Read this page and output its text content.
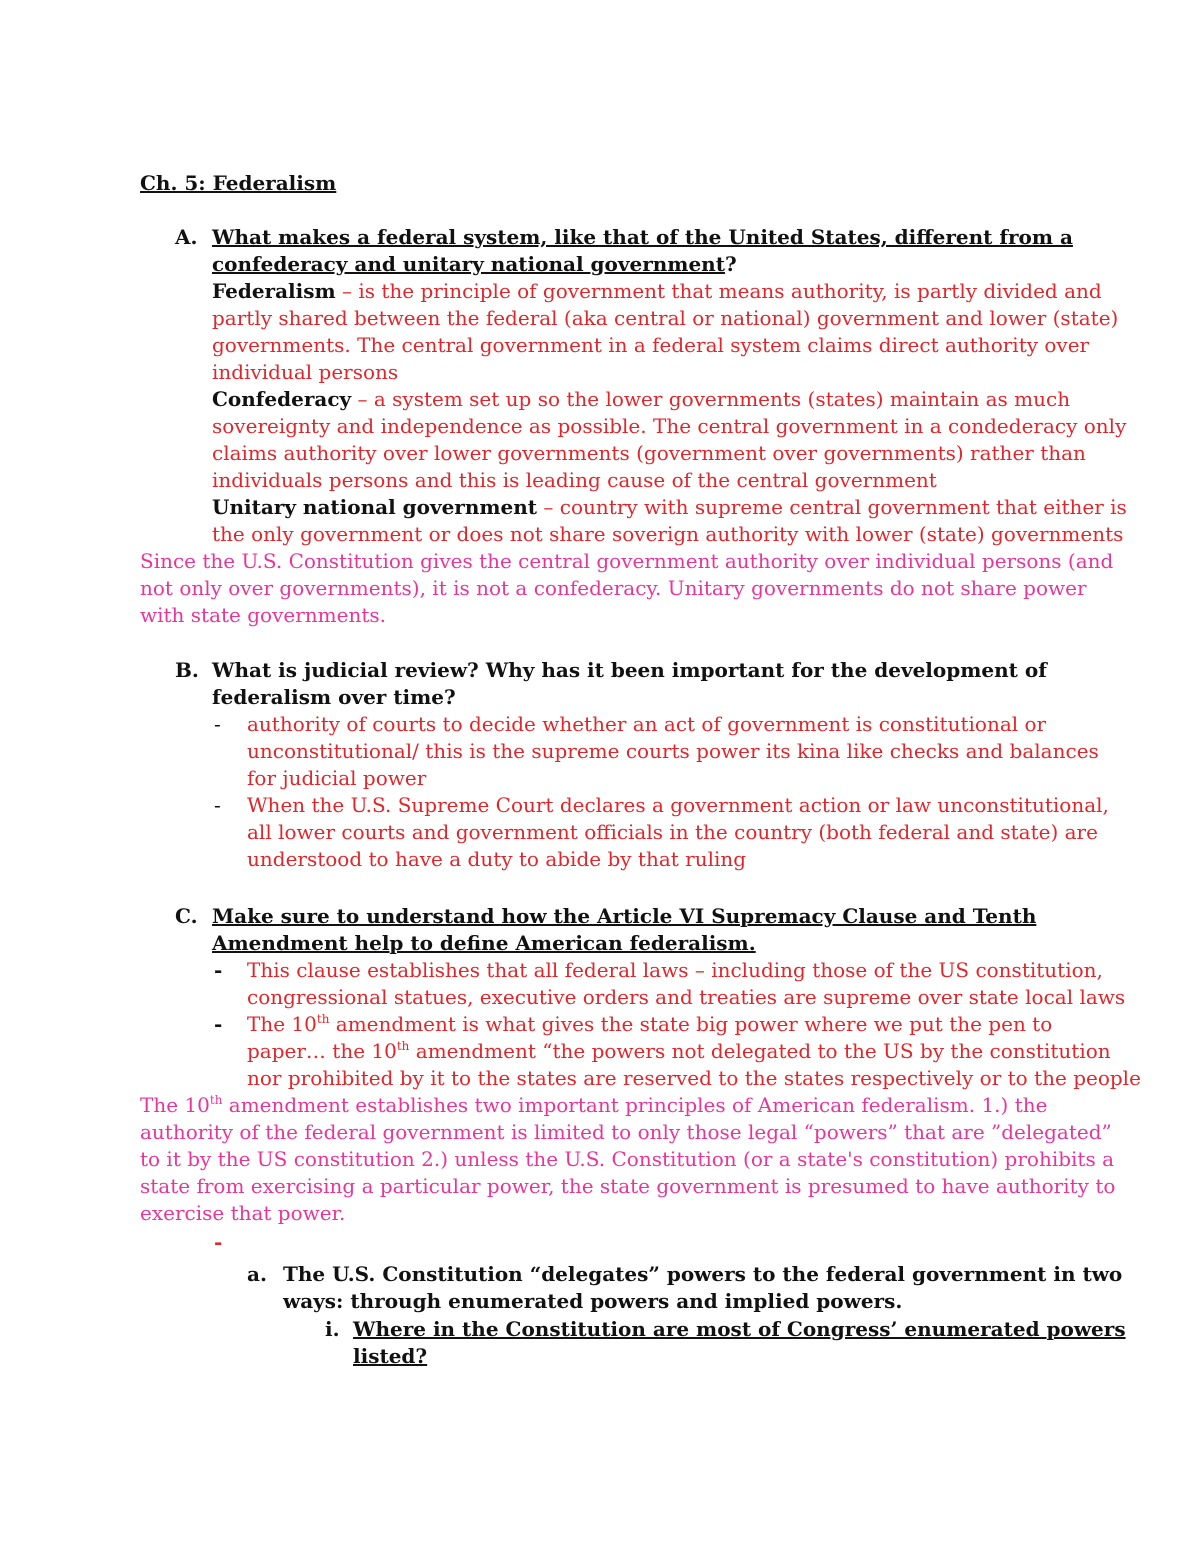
Ch. 5: Federalism
A. What makes a federal system, like that of the United States, different from a
confederacy and unitary national government?
Federalism – is the principle of government that means authority, is partly divided and
partly shared between the federal (aka central or national) government and lower (state)
governments. The central government in a federal system claims direct authority over
individual persons
Confederacy – a system set up so the lower governments (states) maintain as much
sovereignty and independence as possible. The central government in a condederacy only
claims authority over lower governments (government over governments) rather than
individuals persons and this is leading cause of the central government
Unitary national government – country with supreme central government that either is
the only government or does not share soverign authority with lower (state) governments
Since the U.S. Constitution gives the central government authority over individual persons (and
not only over governments), it is not a confederacy. Unitary governments do not share power
with state governments.
B. What is judicial review? Why has it been important for the development of
federalism over time?
- authority of courts to decide whether an act of government is constitutional or
unconstitutional/ this is the supreme courts power its kina like checks and balances
for judicial power
- When the U.S. Supreme Court declares a government action or law unconstitutional,
all lower courts and government officials in the country (both federal and state) are
understood to have a duty to abide by that ruling
C. Make sure to understand how the Article VI Supremacy Clause and Tenth
Amendment help to define American federalism.
- This clause establishes that all federal laws – including those of the US constitution,
congressional statues, executive orders and treaties are supreme over state local laws
- The 10th amendment is what gives the state big power where we put the pen to
paper… the 10th amendment “the powers not delegated to the US by the constitution
nor prohibited by it to the states are reserved to the states respectively or to the people
The 10th amendment establishes two important principles of American federalism. 1.) the
authority of the federal government is limited to only those legal “powers” that are ”delegated”
to it by the US constitution 2.) unless the U.S. Constitution (or a state's constitution) prohibits a
state from exercising a particular power, the state government is presumed to have authority to
exercise that power.
-
a. The U.S. Constitution “delegates” powers to the federal government in two
ways: through enumerated powers and implied powers.
i. Where in the Constitution are most of Congress’ enumerated powers
listed?
